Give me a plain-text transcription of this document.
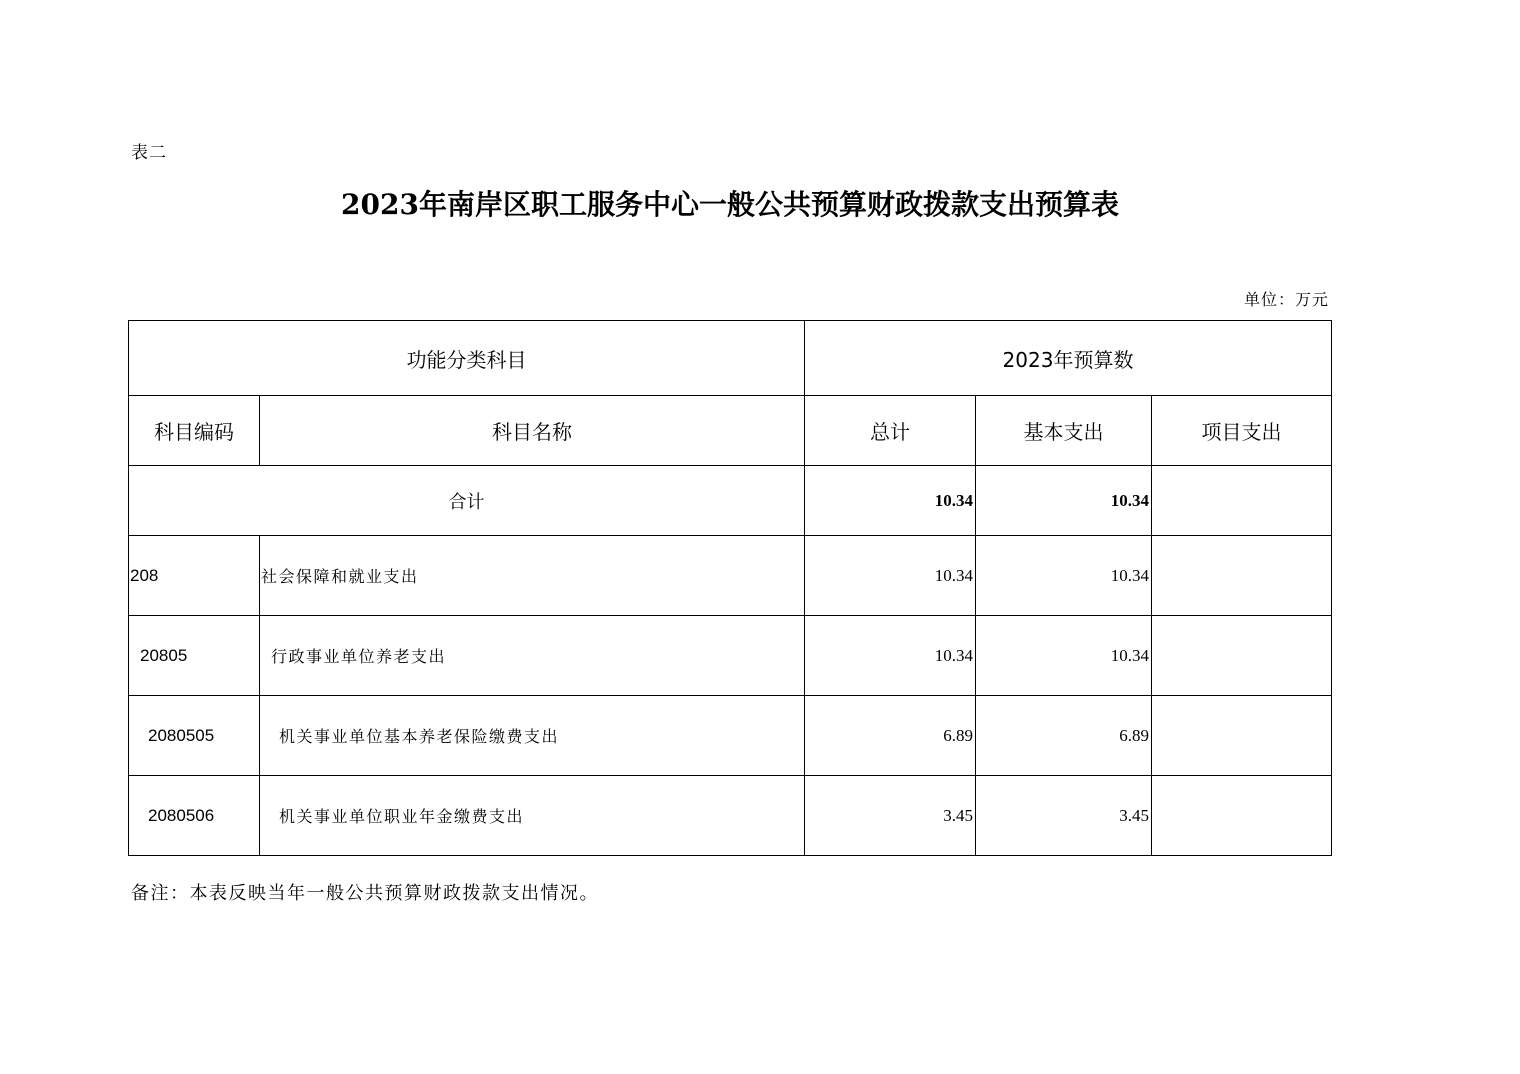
表二
2023年南岸区职工服务中心一般公共预算财政拨款支出预算表
单位：万元
功能分类科目		2023年预算数		
科目编码	科目名称	总计	基本支出	项目支出
合计		10.34	10.34	
208	社会保障和就业支出	10.34	10.34	
20805	行政事业单位养老支出	10.34	10.34	
2080505	机关事业单位基本养老保险缴费支出	6.89	6.89	
2080506	机关事业单位职业年金缴费支出	3.45	3.45	
备注：本表反映当年一般公共预算财政拨款支出情况。
